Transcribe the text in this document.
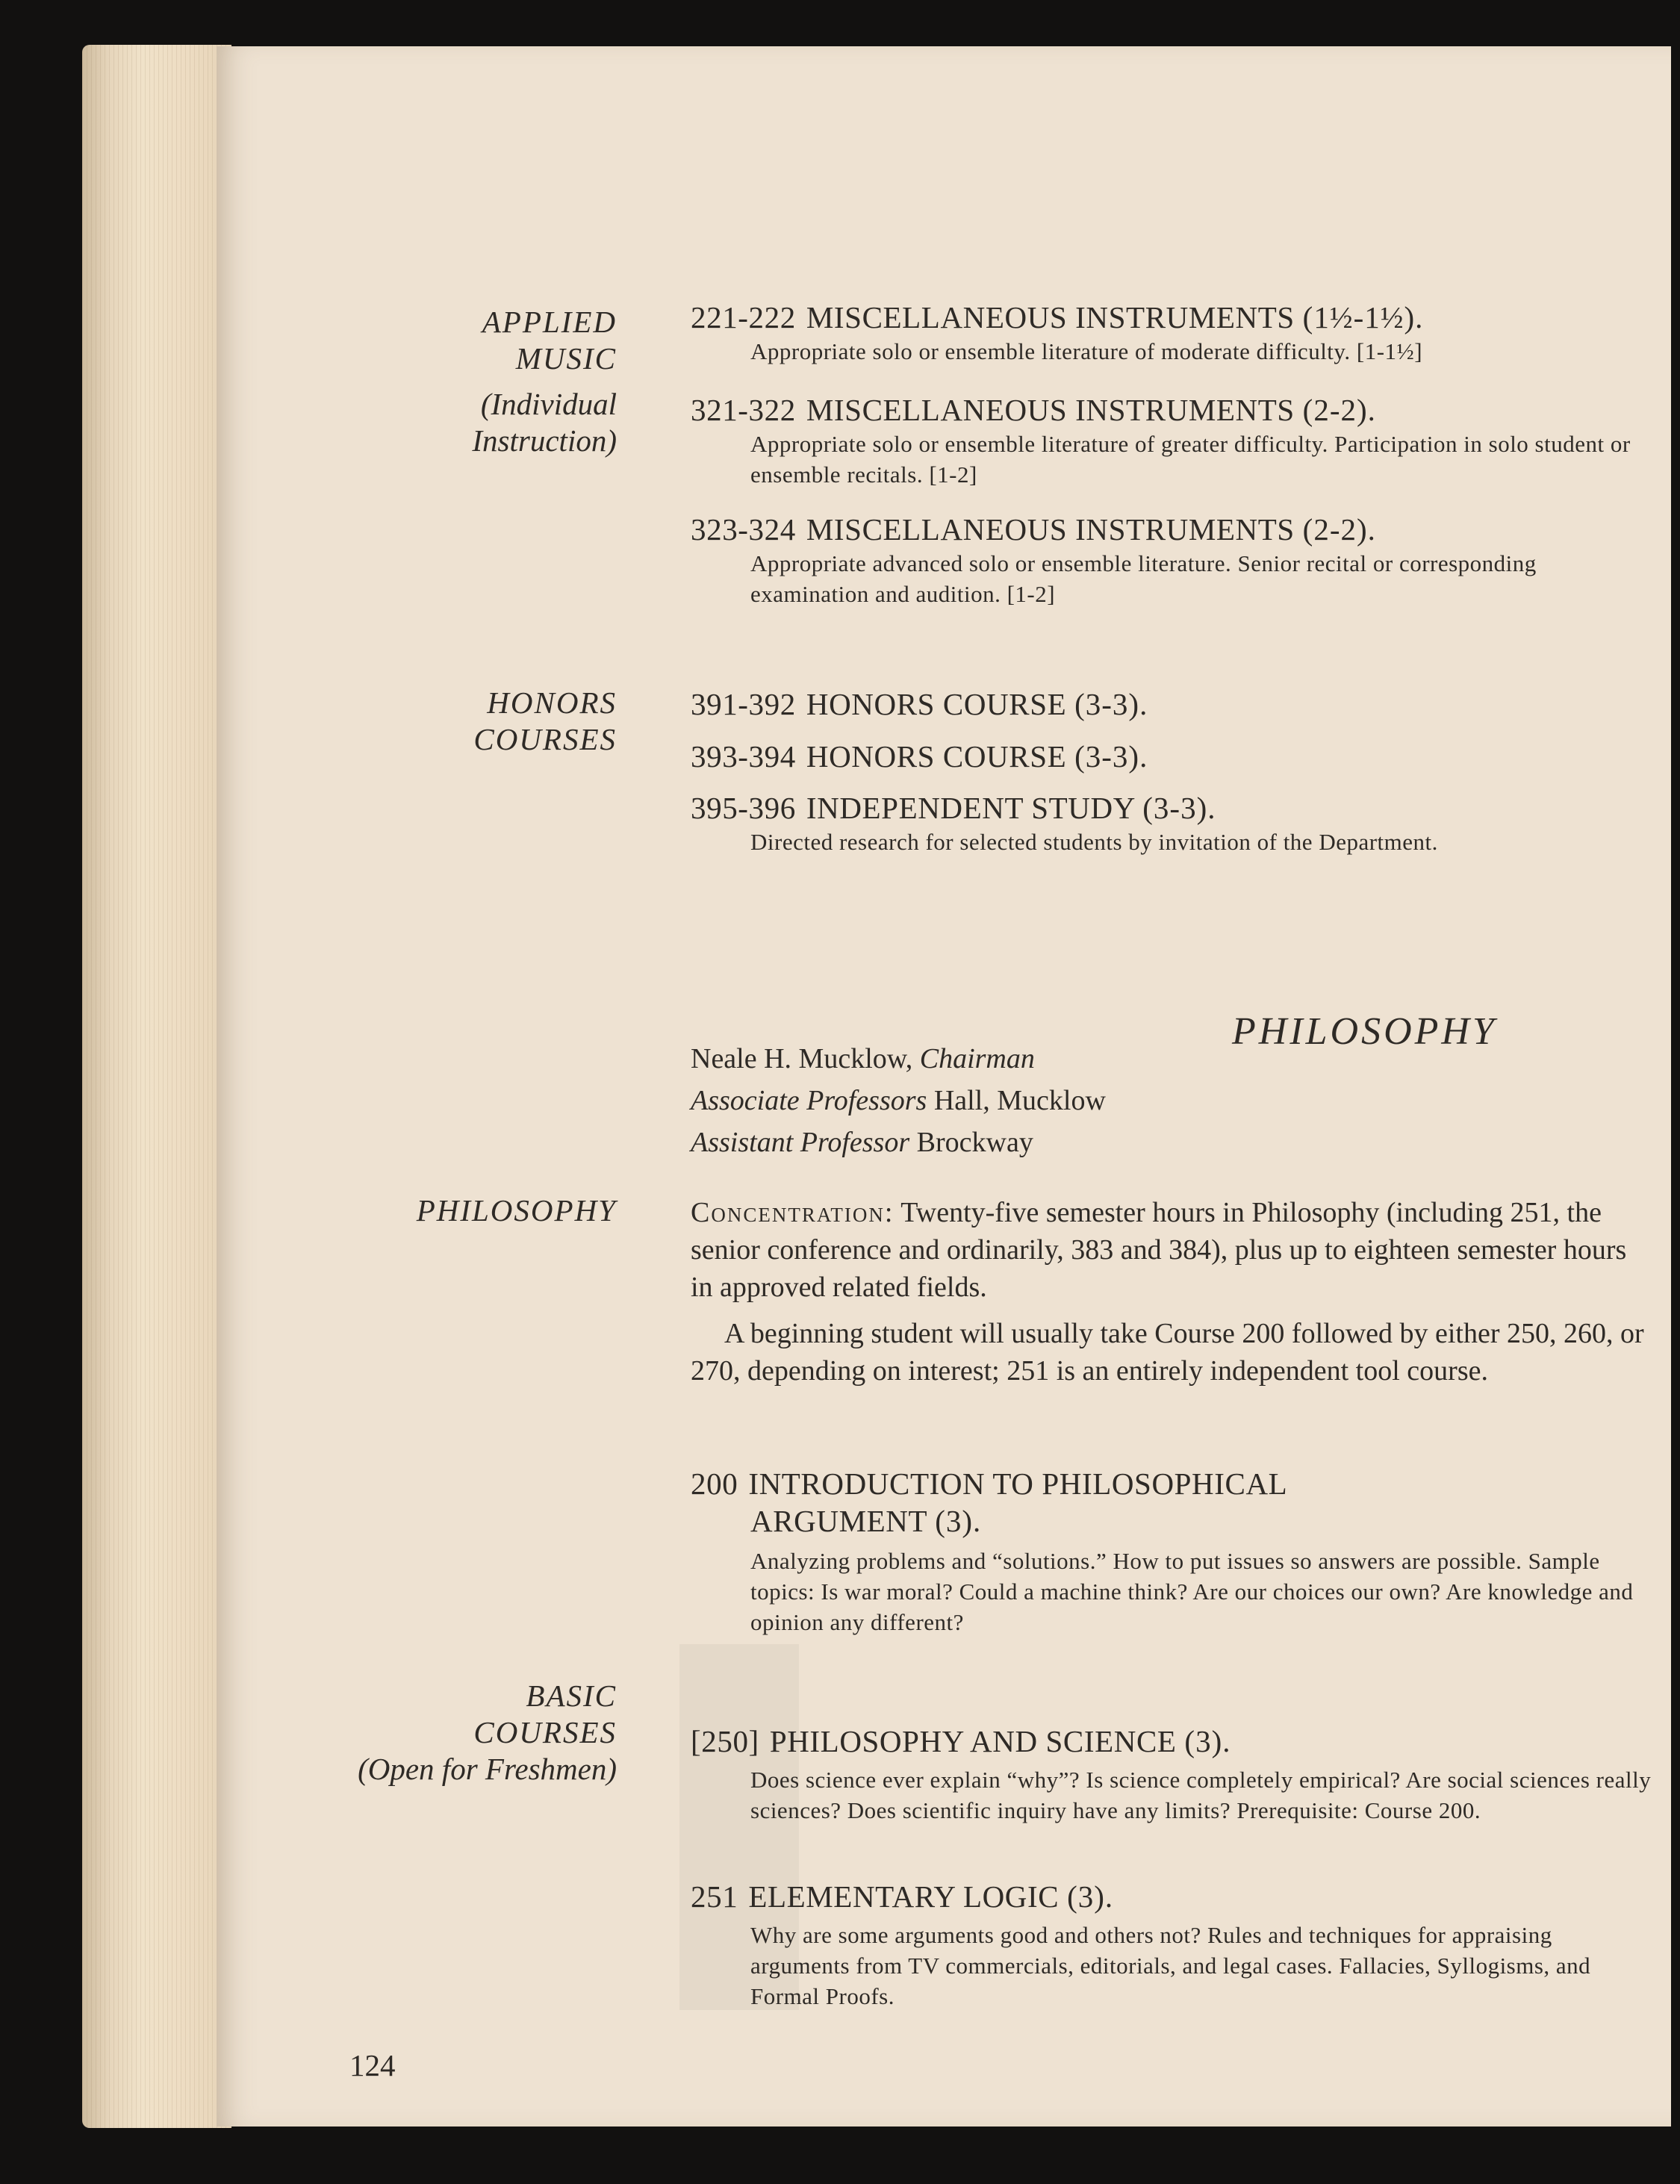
APPLIED
MUSIC
(Individual
Instruction)
HONORS
COURSES
PHILOSOPHY
BASIC
COURSES
(Open for Freshmen)
221-222 MISCELLANEOUS INSTRUMENTS (1½-1½).
Appropriate solo or ensemble literature of moderate difficulty. [1-1½]
321-322 MISCELLANEOUS INSTRUMENTS (2-2).
Appropriate solo or ensemble literature of greater difficulty. Participation in solo student or ensemble recitals. [1-2]
323-324 MISCELLANEOUS INSTRUMENTS (2-2).
Appropriate advanced solo or ensemble literature. Senior recital or corresponding examination and audition. [1-2]
391-392 HONORS COURSE (3-3).
393-394 HONORS COURSE (3-3).
395-396 INDEPENDENT STUDY (3-3).
Directed research for selected students by invitation of the Department.
Neale H. Mucklow, Chairman
Associate Professors Hall, Mucklow
Assistant Professor Brockway
Concentration: Twenty-five semester hours in Philosophy (including 251, the senior conference and ordinarily, 383 and 384), plus up to eighteen semester hours in approved related fields.
A beginning student will usually take Course 200 followed by either 250, 260, or 270, depending on interest; 251 is an entirely independent tool course.
200 INTRODUCTION TO PHILOSOPHICAL
ARGUMENT (3).
Analyzing problems and “solutions.” How to put issues so answers are possible. Sample topics: Is war moral? Could a machine think? Are our choices our own? Are knowledge and opinion any different?
[250] PHILOSOPHY AND SCIENCE (3).
Does science ever explain “why”? Is science completely empirical? Are social sciences really sciences? Does scientific inquiry have any limits? Prerequisite: Course 200.
251 ELEMENTARY LOGIC (3).
Why are some arguments good and others not? Rules and techniques for appraising arguments from TV commercials, editorials, and legal cases. Fallacies, Syllogisms, and Formal Proofs.
PHILOSOPHY
124
